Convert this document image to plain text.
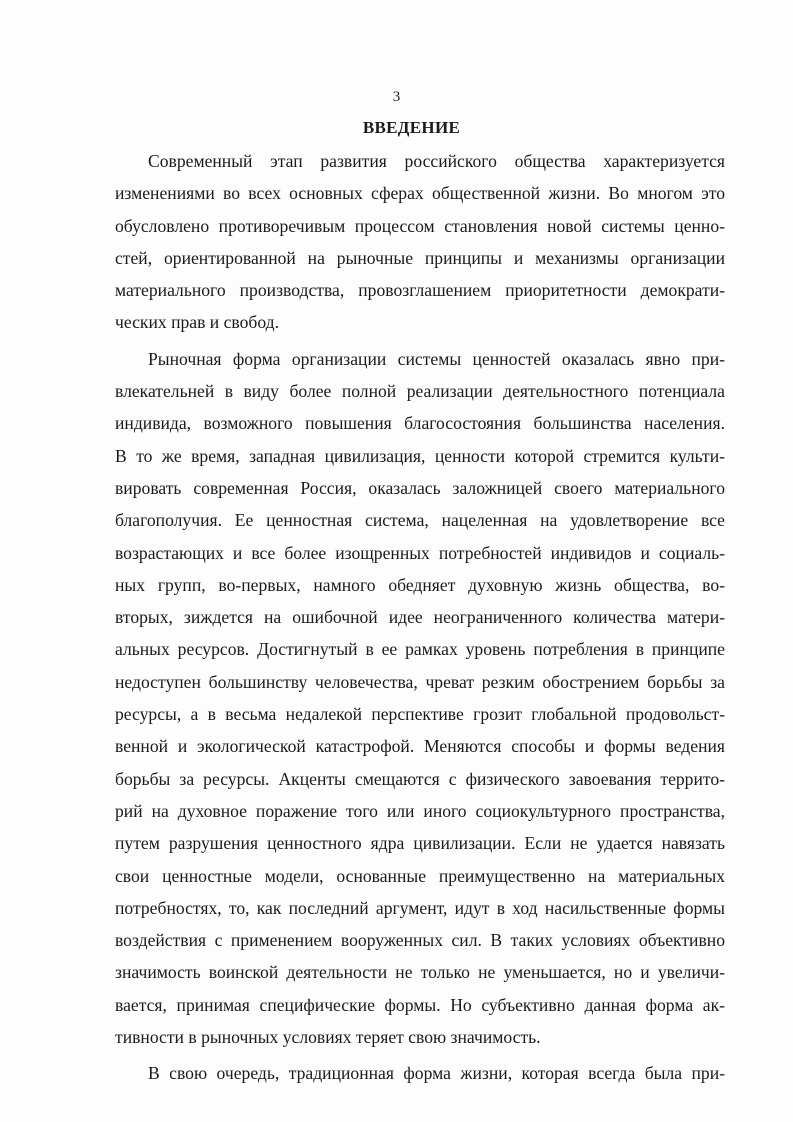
3
ВВЕДЕНИЕ
Современный этап развития российского общества характеризуется
изменениями во всех основных сферах общественной жизни. Во многом это
обусловлено противоречивым процессом становления новой системы ценно-
стей, ориентированной на рыночные принципы и механизмы организации
материального производства, провозглашением приоритетности демократи-
ческих прав и свобод.
Рыночная форма организации системы ценностей оказалась явно при-
влекательней в виду более полной реализации деятельностного потенциала
индивида, возможного повышения благосостояния большинства населения.
В то же время, западная цивилизация, ценности которой стремится культи-
вировать современная Россия, оказалась заложницей своего материального
благополучия. Ее ценностная система, нацеленная на удовлетворение все
возрастающих и все более изощренных потребностей индивидов и социаль-
ных групп, во-первых, намного обедняет духовную жизнь общества, во-
вторых, зиждется на ошибочной идее неограниченного количества матери-
альных ресурсов. Достигнутый в ее рамках уровень потребления в принципе
недоступен большинству человечества, чреват резким обострением борьбы за
ресурсы, а в весьма недалекой перспективе грозит глобальной продовольст-
венной и экологической катастрофой. Меняются способы и формы ведения
борьбы за ресурсы. Акценты смещаются с физического завоевания террито-
рий на духовное поражение того или иного социокультурного пространства,
путем разрушения ценностного ядра цивилизации. Если не удается навязать
свои ценностные модели, основанные преимущественно на материальных
потребностях, то, как последний аргумент, идут в ход насильственные формы
воздействия с применением вооруженных сил. В таких условиях объективно
значимость воинской деятельности не только не уменьшается, но и увеличи-
вается, принимая специфические формы. Но субъективно данная форма ак-
тивности в рыночных условиях теряет свою значимость.
В свою очередь, традиционная форма жизни, которая всегда была при-
